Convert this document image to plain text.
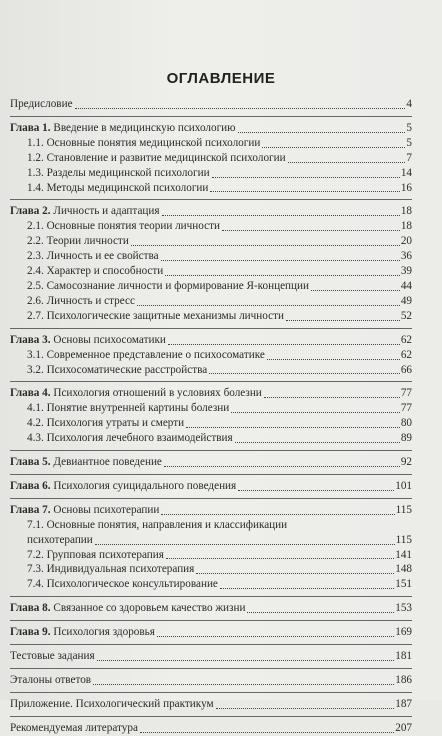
ОГЛАВЛЕНИЕ
Предисловие	4
Глава 1. Введение в медицинскую психологию	5
1.1. Основные понятия медицинской психологии	5
1.2. Становление и развитие медицинской психологии	7
1.3. Разделы медицинской психологии	14
1.4. Методы медицинской психологии	16
Глава 2. Личность и адаптация	18
2.1. Основные понятия теории личности	18
2.2. Теории личности	20
2.3. Личность и ее свойства	36
2.4. Характер и способности	39
2.5. Самосознание личности и формирование Я-концепции	44
2.6. Личность и стресс	49
2.7. Психологические защитные механизмы личности	52
Глава 3. Основы психосоматики	62
3.1. Современное представление о психосоматике	62
3.2. Психосоматические расстройства	66
Глава 4. Психология отношений в условиях болезни	77
4.1. Понятие внутренней картины болезни	77
4.2. Психология утраты и смерти	80
4.3. Психология лечебного взаимодействия	89
Глава 5. Девиантное поведение	92
Глава 6. Психология суицидального поведения	101
Глава 7. Основы психотерапии	115
7.1. Основные понятия, направления и классификации
психотерапии	115
7.2. Групповая психотерапия	141
7.3. Индивидуальная психотерапия	148
7.4. Психологическое консультирование	151
Глава 8. Связанное со здоровьем качество жизни	153
Глава 9. Психология здоровья	169
Тестовые задания	181
Эталоны ответов	186
Приложение. Психологический практикум	187
Рекомендуемая литература	207
